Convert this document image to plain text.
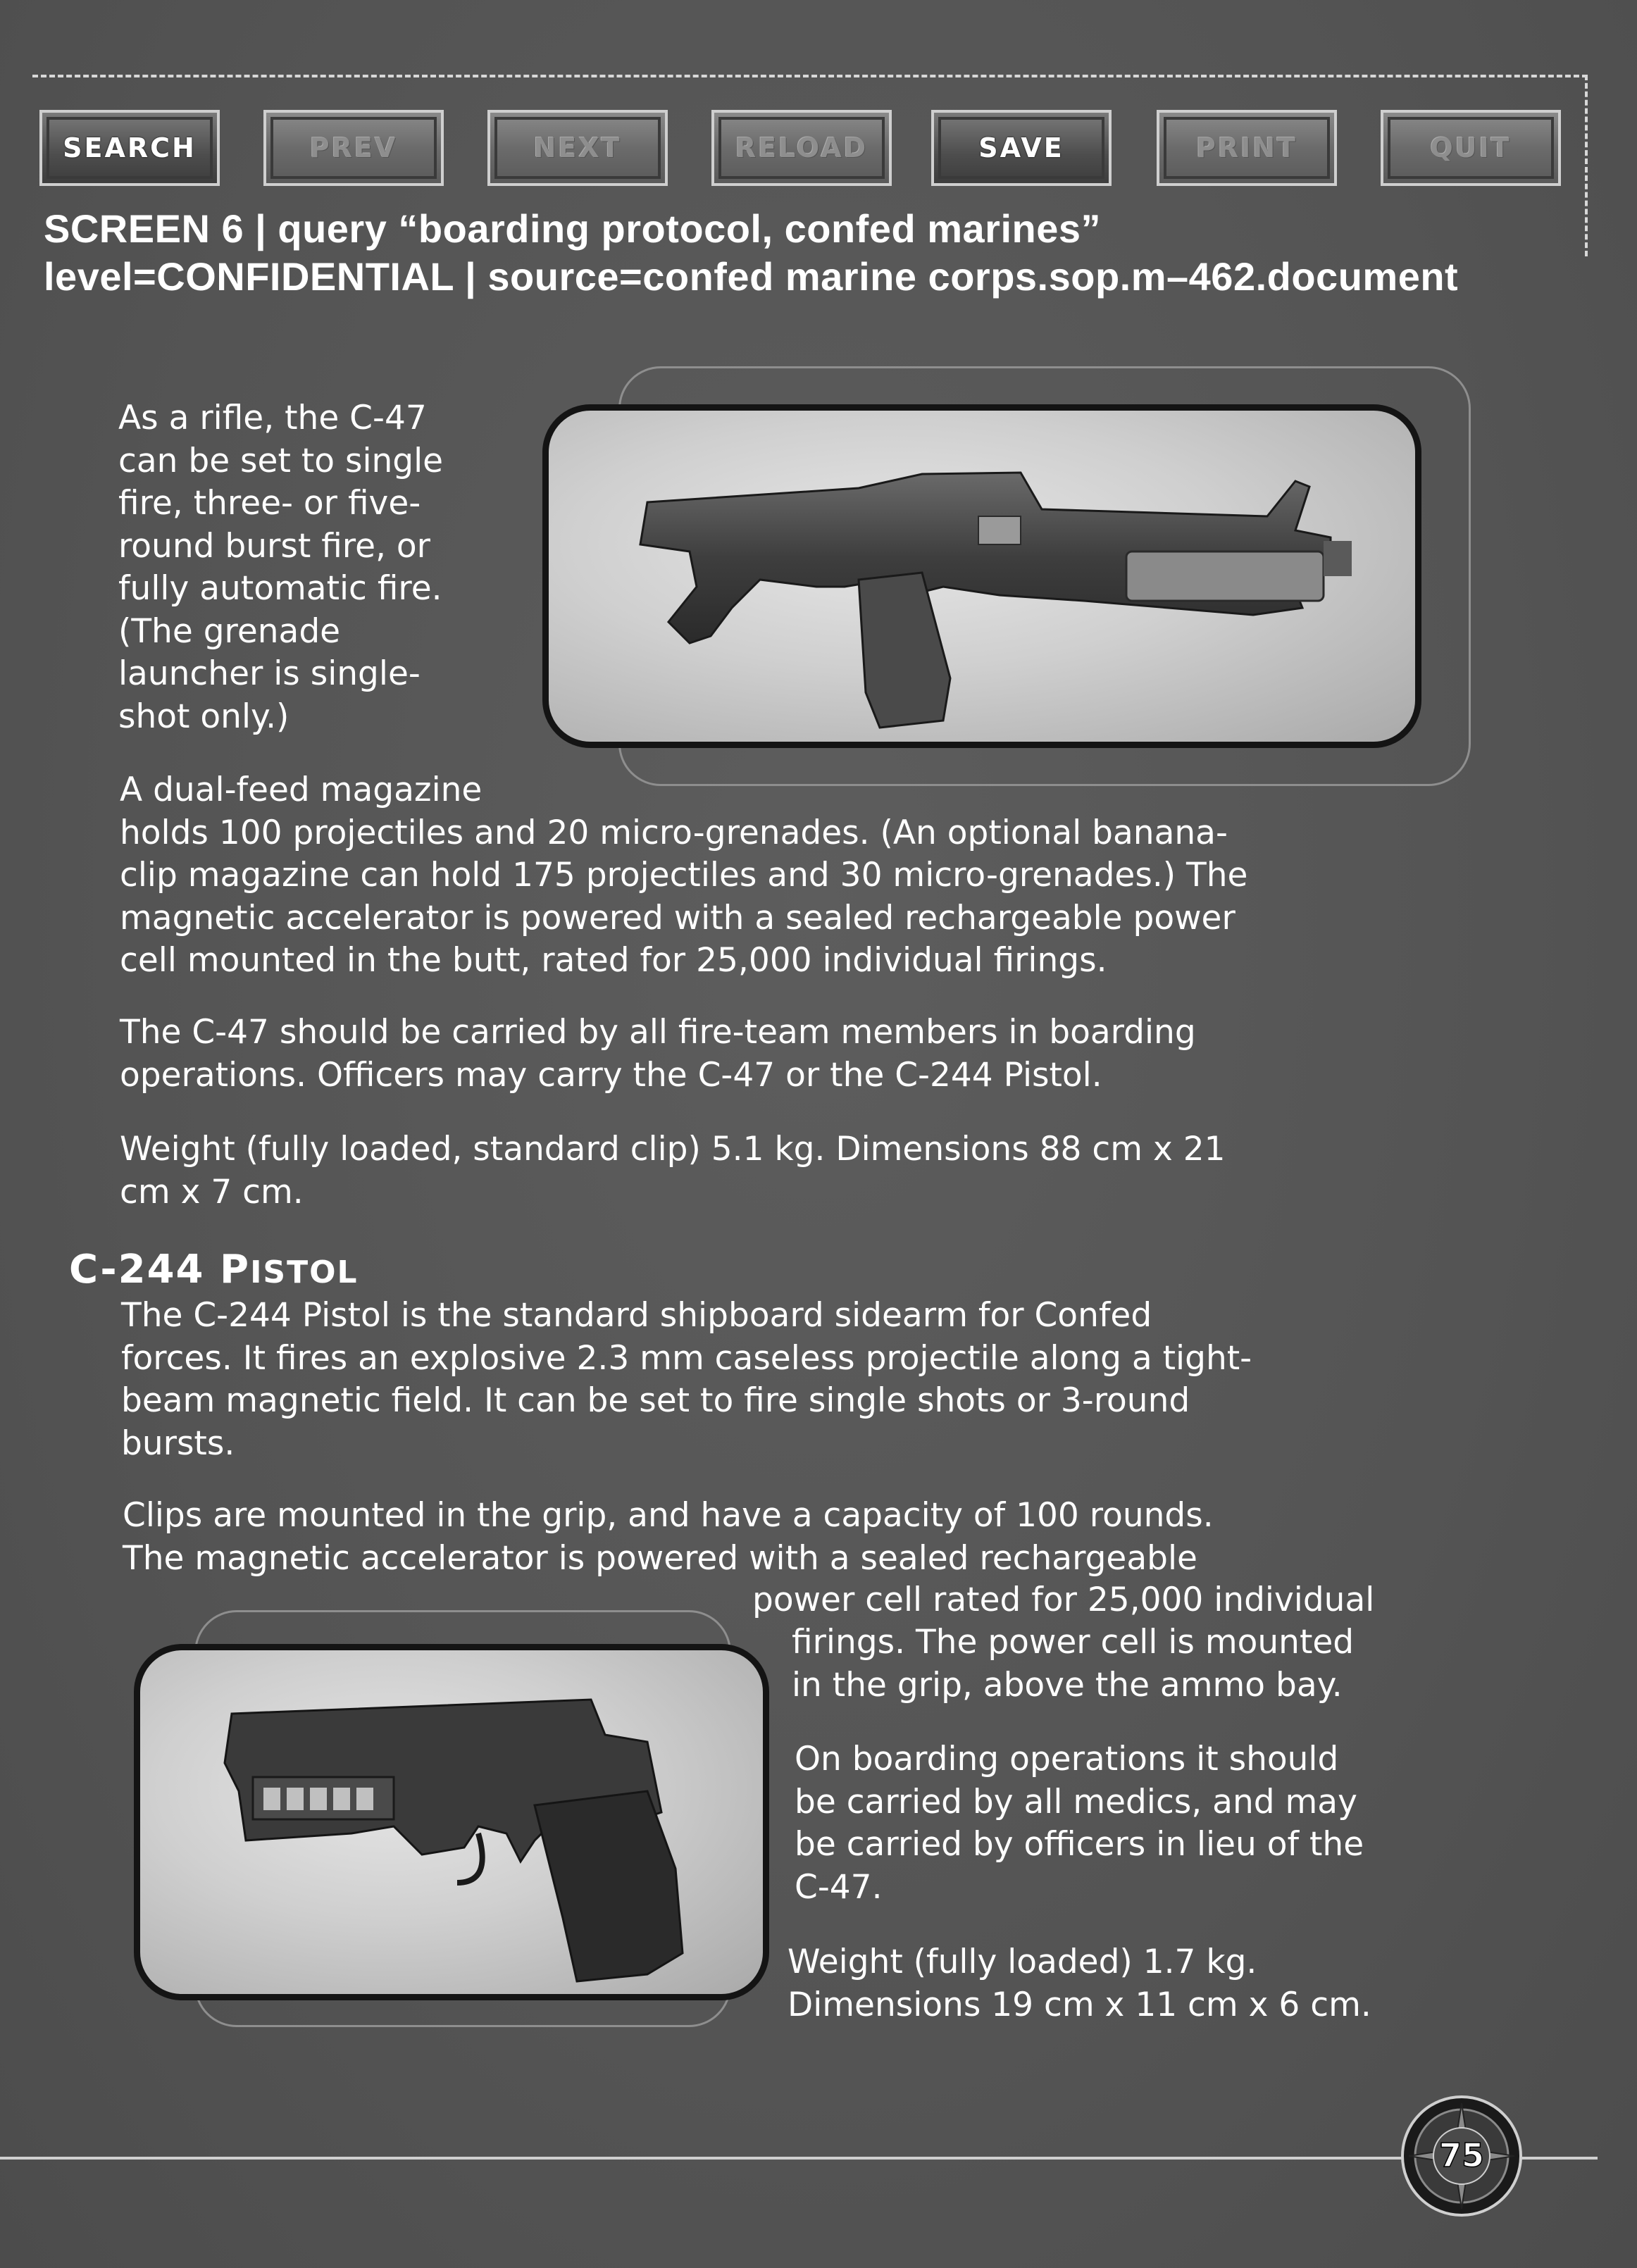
SEARCH	PREV	NEXT	RELOAD	SAVE	PRINT	QUIT
SCREEN 6 | query “boarding protocol, confed marines”
level=CONFIDENTIAL | source=confed marine corps.sop.m–462.document

As a rifle, the C-47

can be set to single

fire, three- or five-

round burst fire, or

fully automatic fire.

(The grenade

launcher is single-

shot only.)

A dual-feed magazine

holds 100 projectiles and 20 micro-grenades. (An optional banana-

clip magazine can hold 175 projectiles and 30 micro-grenades.) The

magnetic accelerator is powered with a sealed rechargeable power

cell mounted in the butt, rated for 25,000 individual firings.

The C-47 should be carried by all fire-team members in boarding

operations. Officers may carry the C-47 or the C-244 Pistol.

Weight (fully loaded, standard clip) 5.1 kg. Dimensions 88 cm x 21

cm x 7 cm.

C-244 PISTOL

The C-244 Pistol is the standard shipboard sidearm for Confed

forces. It fires an explosive 2.3 mm caseless projectile along a tight-

beam magnetic field. It can be set to fire single shots or 3-round

bursts.

Clips are mounted in the grip, and have a capacity of 100 rounds.

The magnetic accelerator is powered with a sealed rechargeable

power cell rated for 25,000 individual

firings. The power cell is mounted

in the grip, above the ammo bay.

On boarding operations it should

be carried by all medics, and may

be carried by officers in lieu of the

C-47.

Weight (fully loaded) 1.7 kg.

Dimensions 19 cm x 11 cm x 6 cm.

75
